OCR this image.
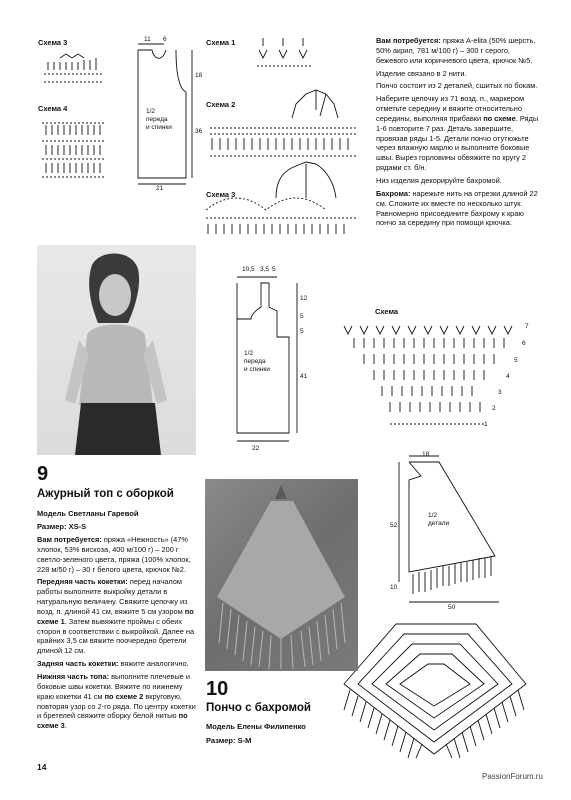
Схема 3
Схема 4
11 6
18
36
21
1/2
переда
и спинки
Схема 1
Схема 2
Схема 3

Вам потребуется: пряжа A-elita (50% шерсть, 50% акрил, 781 м/100 г) – 300 г серого, бежевого или коричневого цвета, крючок №5.

Изделие связано в 2 нити.

Пончо состоит из 2 деталей, сшитых по бокам.

Наберите цепочку из 71 возд. п., маркером отметьте середину и вяжите относительно середины, выполняя прибавки по схеме. Ряды 1-6 повторите 7 раз. Деталь завершите, провязав ряды 1-5. Детали пончо отутюжьте через влажную марлю и выполните боковые швы. Вырез горловины обвяжите по кругу 2 рядами ст. б/н.

Низ изделия декорируйте бахромой.

Бахрома: нарежьте нить на отрезки длиной 22 см. Сложите их вместе по несколько штук. Равномерно присоедините бахрому к краю пончо за середину при помощи крючка.

10,5 3,5 5
12
5
5
41
22
1/2
переда
и спинки
Схема
7
6
5
4
3
2
1
18
52
10
50
1/2
детали
9
Ажурный топ с оборкой
Модель Светланы Гаревой
Размер: XS-S

Вам потребуется: пряжа «Нежность» (47% хлопок, 53% вискоза, 400 м/100 г) – 200 г светло-зеленого цвета, пряжа (100% хлопок, 228 м/50 г) – 30 г белого цвета, крючок №2.

Передняя часть кокетки: перед началом работы выполните выкройку детали в натуральную величину. Свяжите цепочку из возд. п. длиной 41 см, вяжите 5 см узором по схеме 1. Затем вывяжите проймы с обеих сторон в соответствии с выкройкой. Далее на крайних 3,5 см вяжите поочередно бретели длиной 12 см.

Задняя часть кокетки: вяжите аналогично.

Нижняя часть топа: выполните плечевые и боковые швы кокетки. Вяжите по нижнему краю кокетки 41 см по схеме 2 вкруговую, повторяя узор со 2-го ряда. По центру кокетки и бретелей свяжите оборку белой нитью по схеме 3.

10
Пончо с бахромой
Модель Елены Филипенко
Размер: S-M
14
PassionForum.ru
